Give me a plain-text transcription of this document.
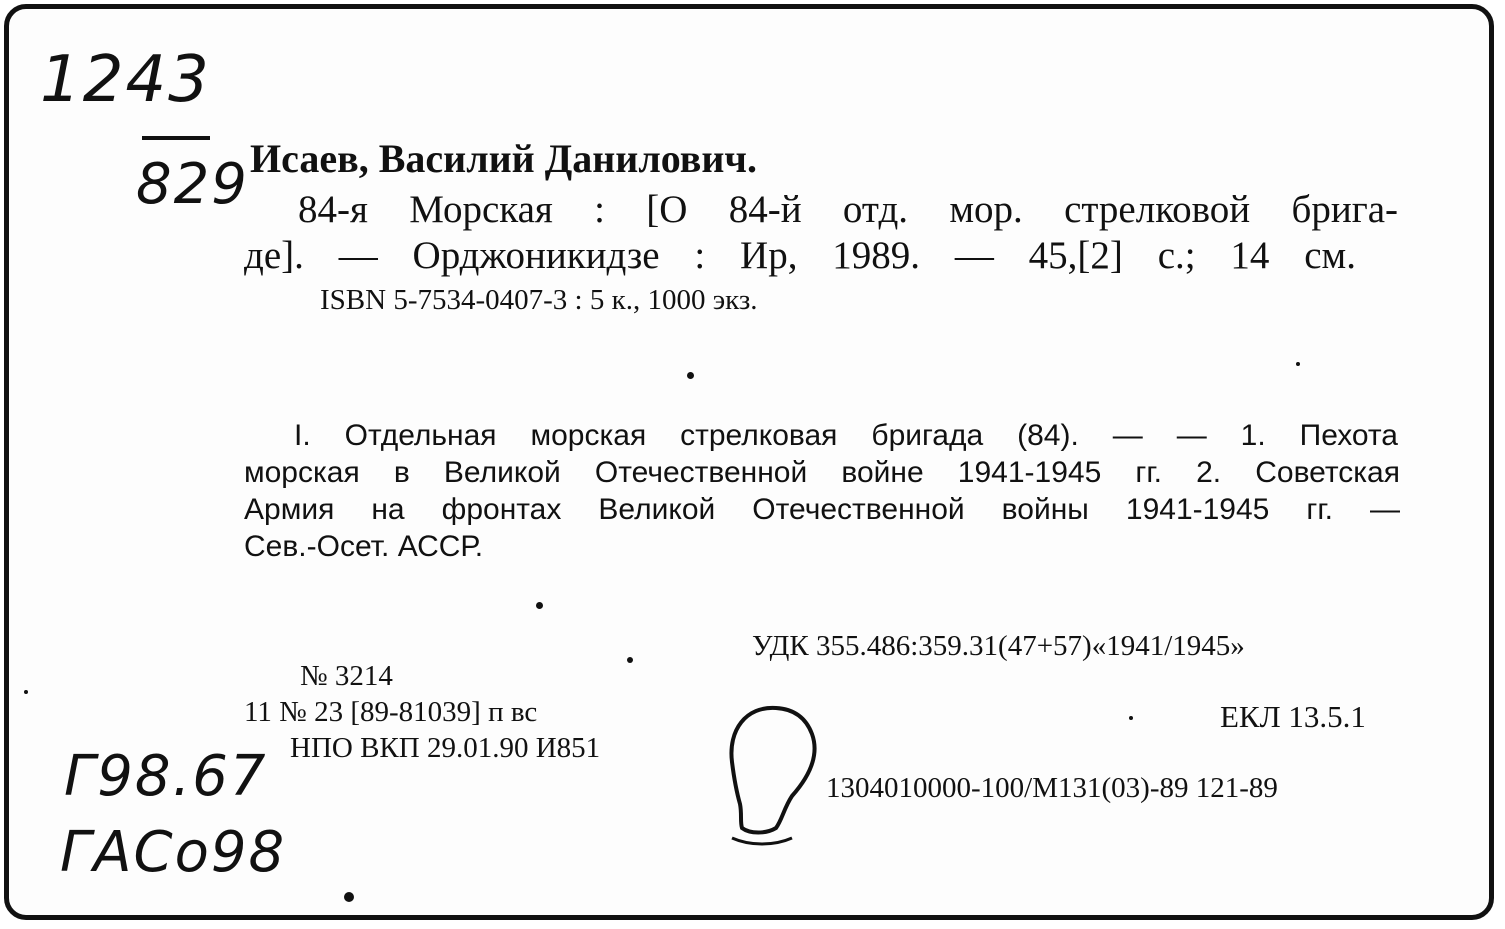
1243
829 Исаев, Василий Данилович.
84-я Морская : [О 84-й отд. мор. стрелковой брига-
де]. — Орджоникидзе : Ир, 1989. — 45,[2] с.; 14 см.
ISBN 5-7534-0407-3 : 5 к., 1000 экз.
I. Отдельная морская стрелковая бригада (84). — — 1. Пехота
морская в Великой Отечественной войне 1941-1945 гг. 2. Советская
Армия на фронтах Великой Отечественной войны 1941-1945 гг. —
Сев.-Осет. АССР.
УДК 355.486:359.31(47+57)«1941/1945»
№ 3214
11 № 23 [89-81039] п вс
НПО ВКП 29.01.90 И851
ЕКЛ 13.5.1
1304010000-100/М131(03)-89 121-89
Г98.67
ГАСо98
